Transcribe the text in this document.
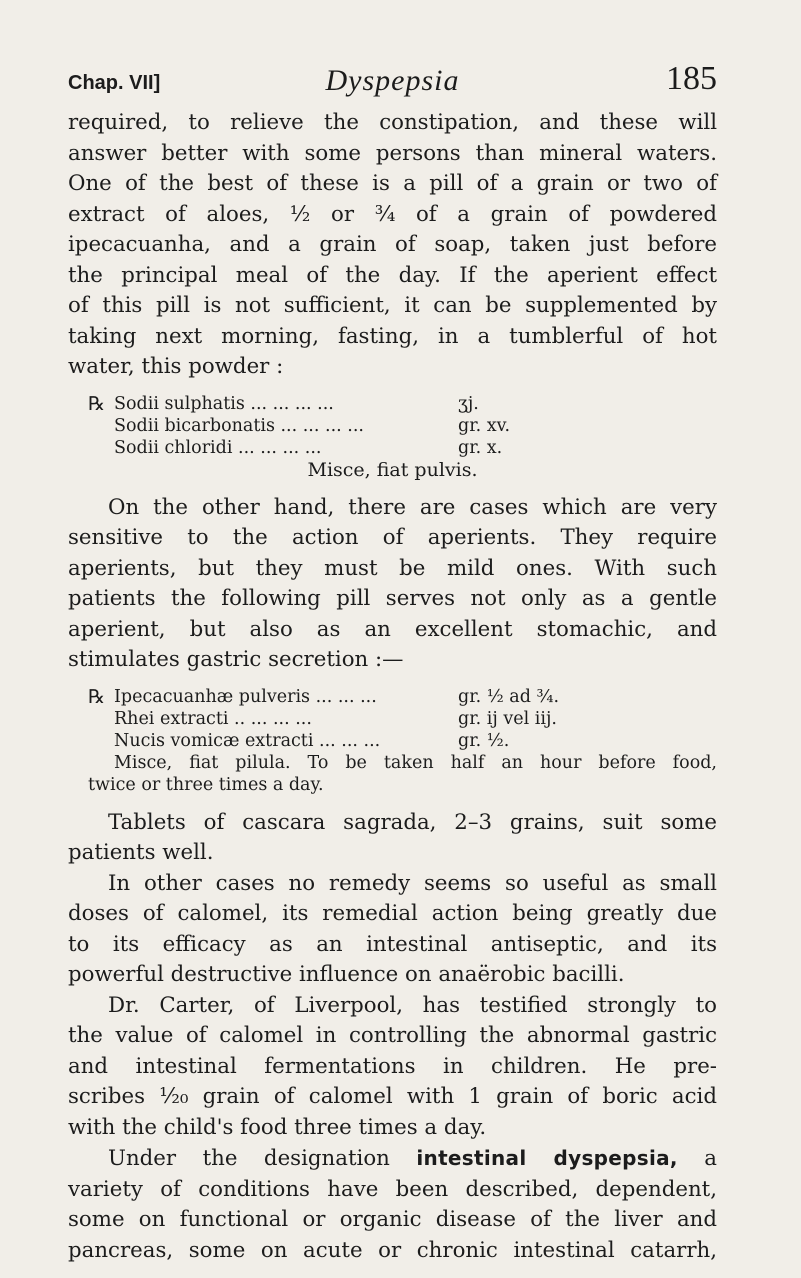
Chap. VII]	Dyspepsia	185
required, to relieve the constipation, and these will
answer better with some persons than mineral waters.
One of the best of these is a pill of a grain or two of
extract of aloes, ½ or ¾ of a grain of powdered
ipecacuanha, and a grain of soap, taken just before
the principal meal of the day. If the aperient effect
of this pill is not sufficient, it can be supplemented by
taking next morning, fasting, in a tumblerful of hot
water, this powder :
℞ Sodii sulphatis ... ... ... ...	ʒj.
Sodii bicarbonatis ... ... ... ...	gr. xv.
Sodii chloridi ... ... ... ...	gr. x.
Misce, fiat pulvis.
On the other hand, there are cases which are very
sensitive to the action of aperients. They require
aperients, but they must be mild ones. With such
patients the following pill serves not only as a gentle
aperient, but also as an excellent stomachic, and
stimulates gastric secretion :—
℞ Ipecacuanhæ pulveris ... ... ...	gr. ½ ad ¾.
Rhei extracti .. ... ... ...	gr. ij vel iij.
Nucis vomicæ extracti ... ... ...	gr. ½.
Misce, fiat pilula. To be taken half an hour before food,
twice or three times a day.
Tablets of cascara sagrada, 2–3 grains, suit some
patients well.
In other cases no remedy seems so useful as small
doses of calomel, its remedial action being greatly due
to its efficacy as an intestinal antiseptic, and its
powerful destructive influence on anaërobic bacilli.
Dr. Carter, of Liverpool, has testified strongly to
the value of calomel in controlling the abnormal gastric
and intestinal fermentations in children. He pre-
scribes ¹⁄₂₀ grain of calomel with 1 grain of boric acid
with the child's food three times a day.
Under the designation intestinal dyspepsia, a
variety of conditions have been described, dependent,
some on functional or organic disease of the liver and
pancreas, some on acute or chronic intestinal catarrh,
